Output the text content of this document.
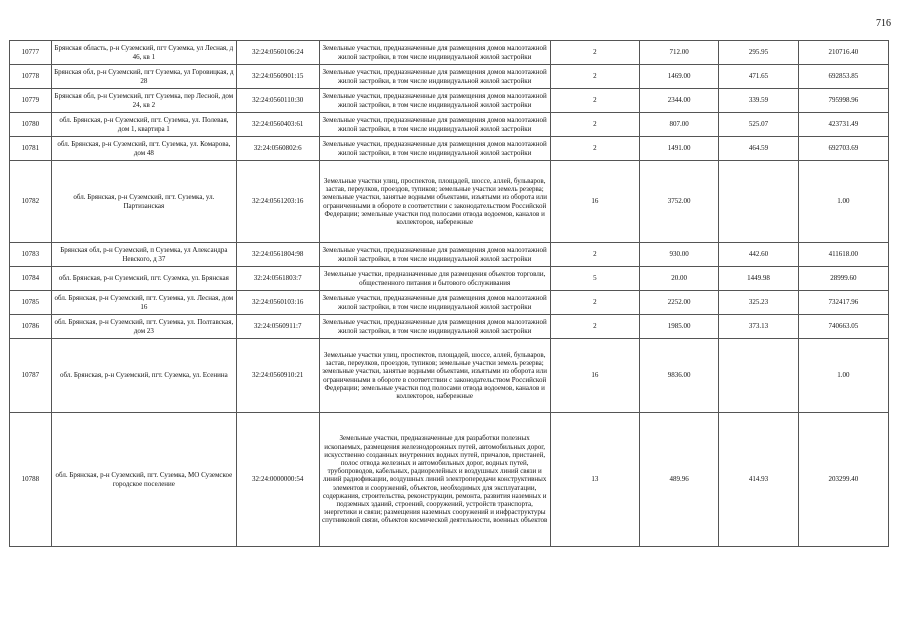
716
10777	Брянская область, р-н Суземский, пгт Суземка, ул Лесная, д 46, кв 1	32:24:0560106:24	Земельные участки, предназначенные для размещения домов малоэтажной жилой застройки, в том числе индивидуальной жилой застройки	2	712.00	295.95	210716.40
10778	Брянская обл, р-н Суземский, пгт Суземка, ул Горовицкая, д 28	32:24:0560901:15	Земельные участки, предназначенные для размещения домов малоэтажной жилой застройки, в том числе индивидуальной жилой застройки	2	1469.00	471.65	692853.85
10779	Брянская обл, р-н Суземский, пгт Суземка, пер Лесной, дом 24, кв 2	32:24:0560110:30	Земельные участки, предназначенные для размещения домов малоэтажной жилой застройки, в том числе индивидуальной жилой застройки	2	2344.00	339.59	795998.96
10780	обл. Брянская, р-н Суземский, пгт. Суземка, ул. Полевая, дом 1, квартира 1	32:24:0560403:61	Земельные участки, предназначенные для размещения домов малоэтажной жилой застройки, в том числе индивидуальной жилой застройки	2	807.00	525.07	423731.49
10781	обл. Брянская, р-н Суземский, пгт. Суземка, ул. Комарова, дом 48	32:24:0560802:6	Земельные участки, предназначенные для размещения домов малоэтажной жилой застройки, в том числе индивидуальной жилой застройки	2	1491.00	464.59	692703.69
10782	обл. Брянская, р-н Суземский, пгт. Суземка, ул. Партизанская	32:24:0561203:16	Земельные участки улиц, проспектов, площадей, шоссе, аллей, бульваров, застав, переулков, проездов, тупиков; земельные участки земель резерва; земельные участки, занятые водными объектами, изъятыми из оборота или ограниченными в обороте в соответствии с законодательством Российской Федерации; земельные участки под полосами отвода водоемов, каналов и коллекторов, набережные	16	3752.00		1.00
10783	Брянская обл, р-н Суземский, п Суземка, ул Александра Невского, д 37	32:24:0561804:98	Земельные участки, предназначенные для размещения домов малоэтажной жилой застройки, в том числе индивидуальной жилой застройки	2	930.00	442.60	411618.00
10784	обл. Брянская, р-н Суземский, пгт. Суземка, ул. Брянская	32:24:0561803:7	Земельные участки, предназначенные для размещения объектов торговли, общественного питания и бытового обслуживания	5	20.00	1449.98	28999.60
10785	обл. Брянская, р-н Суземский, пгт. Суземка, ул. Лесная, дом 16	32:24:0560103:16	Земельные участки, предназначенные для размещения домов малоэтажной жилой застройки, в том числе индивидуальной жилой застройки	2	2252.00	325.23	732417.96
10786	обл. Брянская, р-н Суземский, пгт. Суземка, ул. Полтавская, дом 23	32:24:0560911:7	Земельные участки, предназначенные для размещения домов малоэтажной жилой застройки, в том числе индивидуальной жилой застройки	2	1985.00	373.13	740663.05
10787	обл. Брянская, р-н Суземский, пгт. Суземка, ул. Есенина	32:24:0560910:21	Земельные участки улиц, проспектов, площадей, шоссе, аллей, бульваров, застав, переулков, проездов, тупиков; земельные участки земель резерва; земельные участки, занятые водными объектами, изъятыми из оборота или ограниченными в обороте в соответствии с законодательством Российской Федерации; земельные участки под полосами отвода водоемов, каналов и коллекторов, набережные	16	9836.00		1.00
10788	обл. Брянская, р-н Суземский, пгт. Суземка, МО Суземское городское поселение	32:24:0000000:54	Земельные участки, предназначенные для разработки полезных ископаемых, размещения железнодорожных путей, автомобильных дорог, искусственно созданных внутренних водных путей, причалов, пристаней, полос отвода железных и автомобильных дорог, водных путей, трубопроводов, кабельных, радиорелейных и воздушных линий связи и линий радиофикации, воздушных линий электропередачи конструктивных элементов и сооружений, объектов, необходимых для эксплуатации, содержания, строительства, реконструкции, ремонта, развития наземных и подземных зданий, строений, сооружений, устройств транспорта, энергетики и связи; размещения наземных сооружений и инфраструктуры спутниковой связи, объектов космической деятельности, военных объектов	13	489.96	414.93	203299.40
